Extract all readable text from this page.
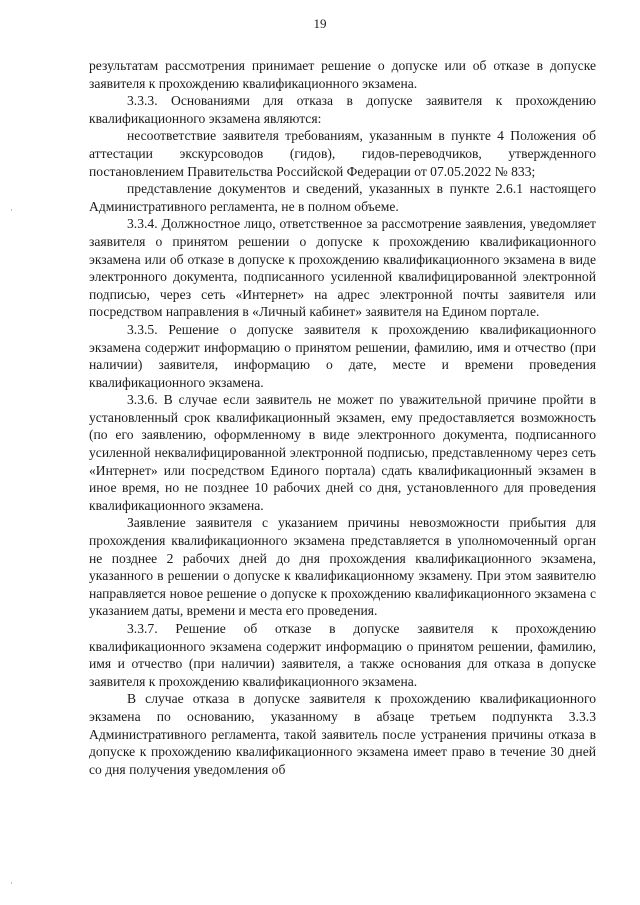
19
·
·

результатам рассмотрения принимает решение о допуске или об отказе в допуске заявителя к прохождению квалификационного экзамена.

3.3.3. Основаниями для отказа в допуске заявителя к прохождению квалификационного экзамена являются:

несоответствие заявителя требованиям, указанным в пункте 4 Положения об аттестации экскурсоводов (гидов), гидов-переводчиков, утвержденного постановлением Правительства Российской Федерации от 07.05.2022 № 833;

представление документов и сведений, указанных в пункте 2.6.1 настоящего Административного регламента, не в полном объеме.

3.3.4. Должностное лицо, ответственное за рассмотрение заявления, уведомляет заявителя о принятом решении о допуске к прохождению квалификационного экзамена или об отказе в допуске к прохождению квалификационного экзамена в виде электронного документа, подписанного усиленной квалифицированной электронной подписью, через сеть «Интернет» на адрес электронной почты заявителя или посредством направления в «Личный кабинет» заявителя на Едином портале.

3.3.5. Решение о допуске заявителя к прохождению квалификационного экзамена содержит информацию о принятом решении, фамилию, имя и отчество (при наличии) заявителя, информацию о дате, месте и времени проведения квалификационного экзамена.

3.3.6. В случае если заявитель не может по уважительной причине пройти в установленный срок квалификационный экзамен, ему предоставляется возможность (по его заявлению, оформленному в виде электронного документа, подписанного усиленной неквалифицированной электронной подписью, представленному через сеть «Интернет» или посредством Единого портала) сдать квалификационный экзамен в иное время, но не позднее 10 рабочих дней со дня, установленного для проведения квалификационного экзамена.

Заявление заявителя с указанием причины невозможности прибытия для прохождения квалификационного экзамена представляется в уполномоченный орган не позднее 2 рабочих дней до дня прохождения квалификационного экзамена, указанного в решении о допуске к квалификационному экзамену. При этом заявителю направляется новое решение о допуске к прохождению квалификационного экзамена с указанием даты, времени и места его проведения.

3.3.7. Решение об отказе в допуске заявителя к прохождению квалификационного экзамена содержит информацию о принятом решении, фамилию, имя и отчество (при наличии) заявителя, а также основания для отказа в допуске заявителя к прохождению квалификационного экзамена.

В случае отказа в допуске заявителя к прохождению квалификационного экзамена по основанию, указанному в абзаце третьем подпункта 3.3.3 Административного регламента, такой заявитель после устранения причины отказа в допуске к прохождению квалификационного экзамена имеет право в течение 30 дней со дня получения уведомления об
